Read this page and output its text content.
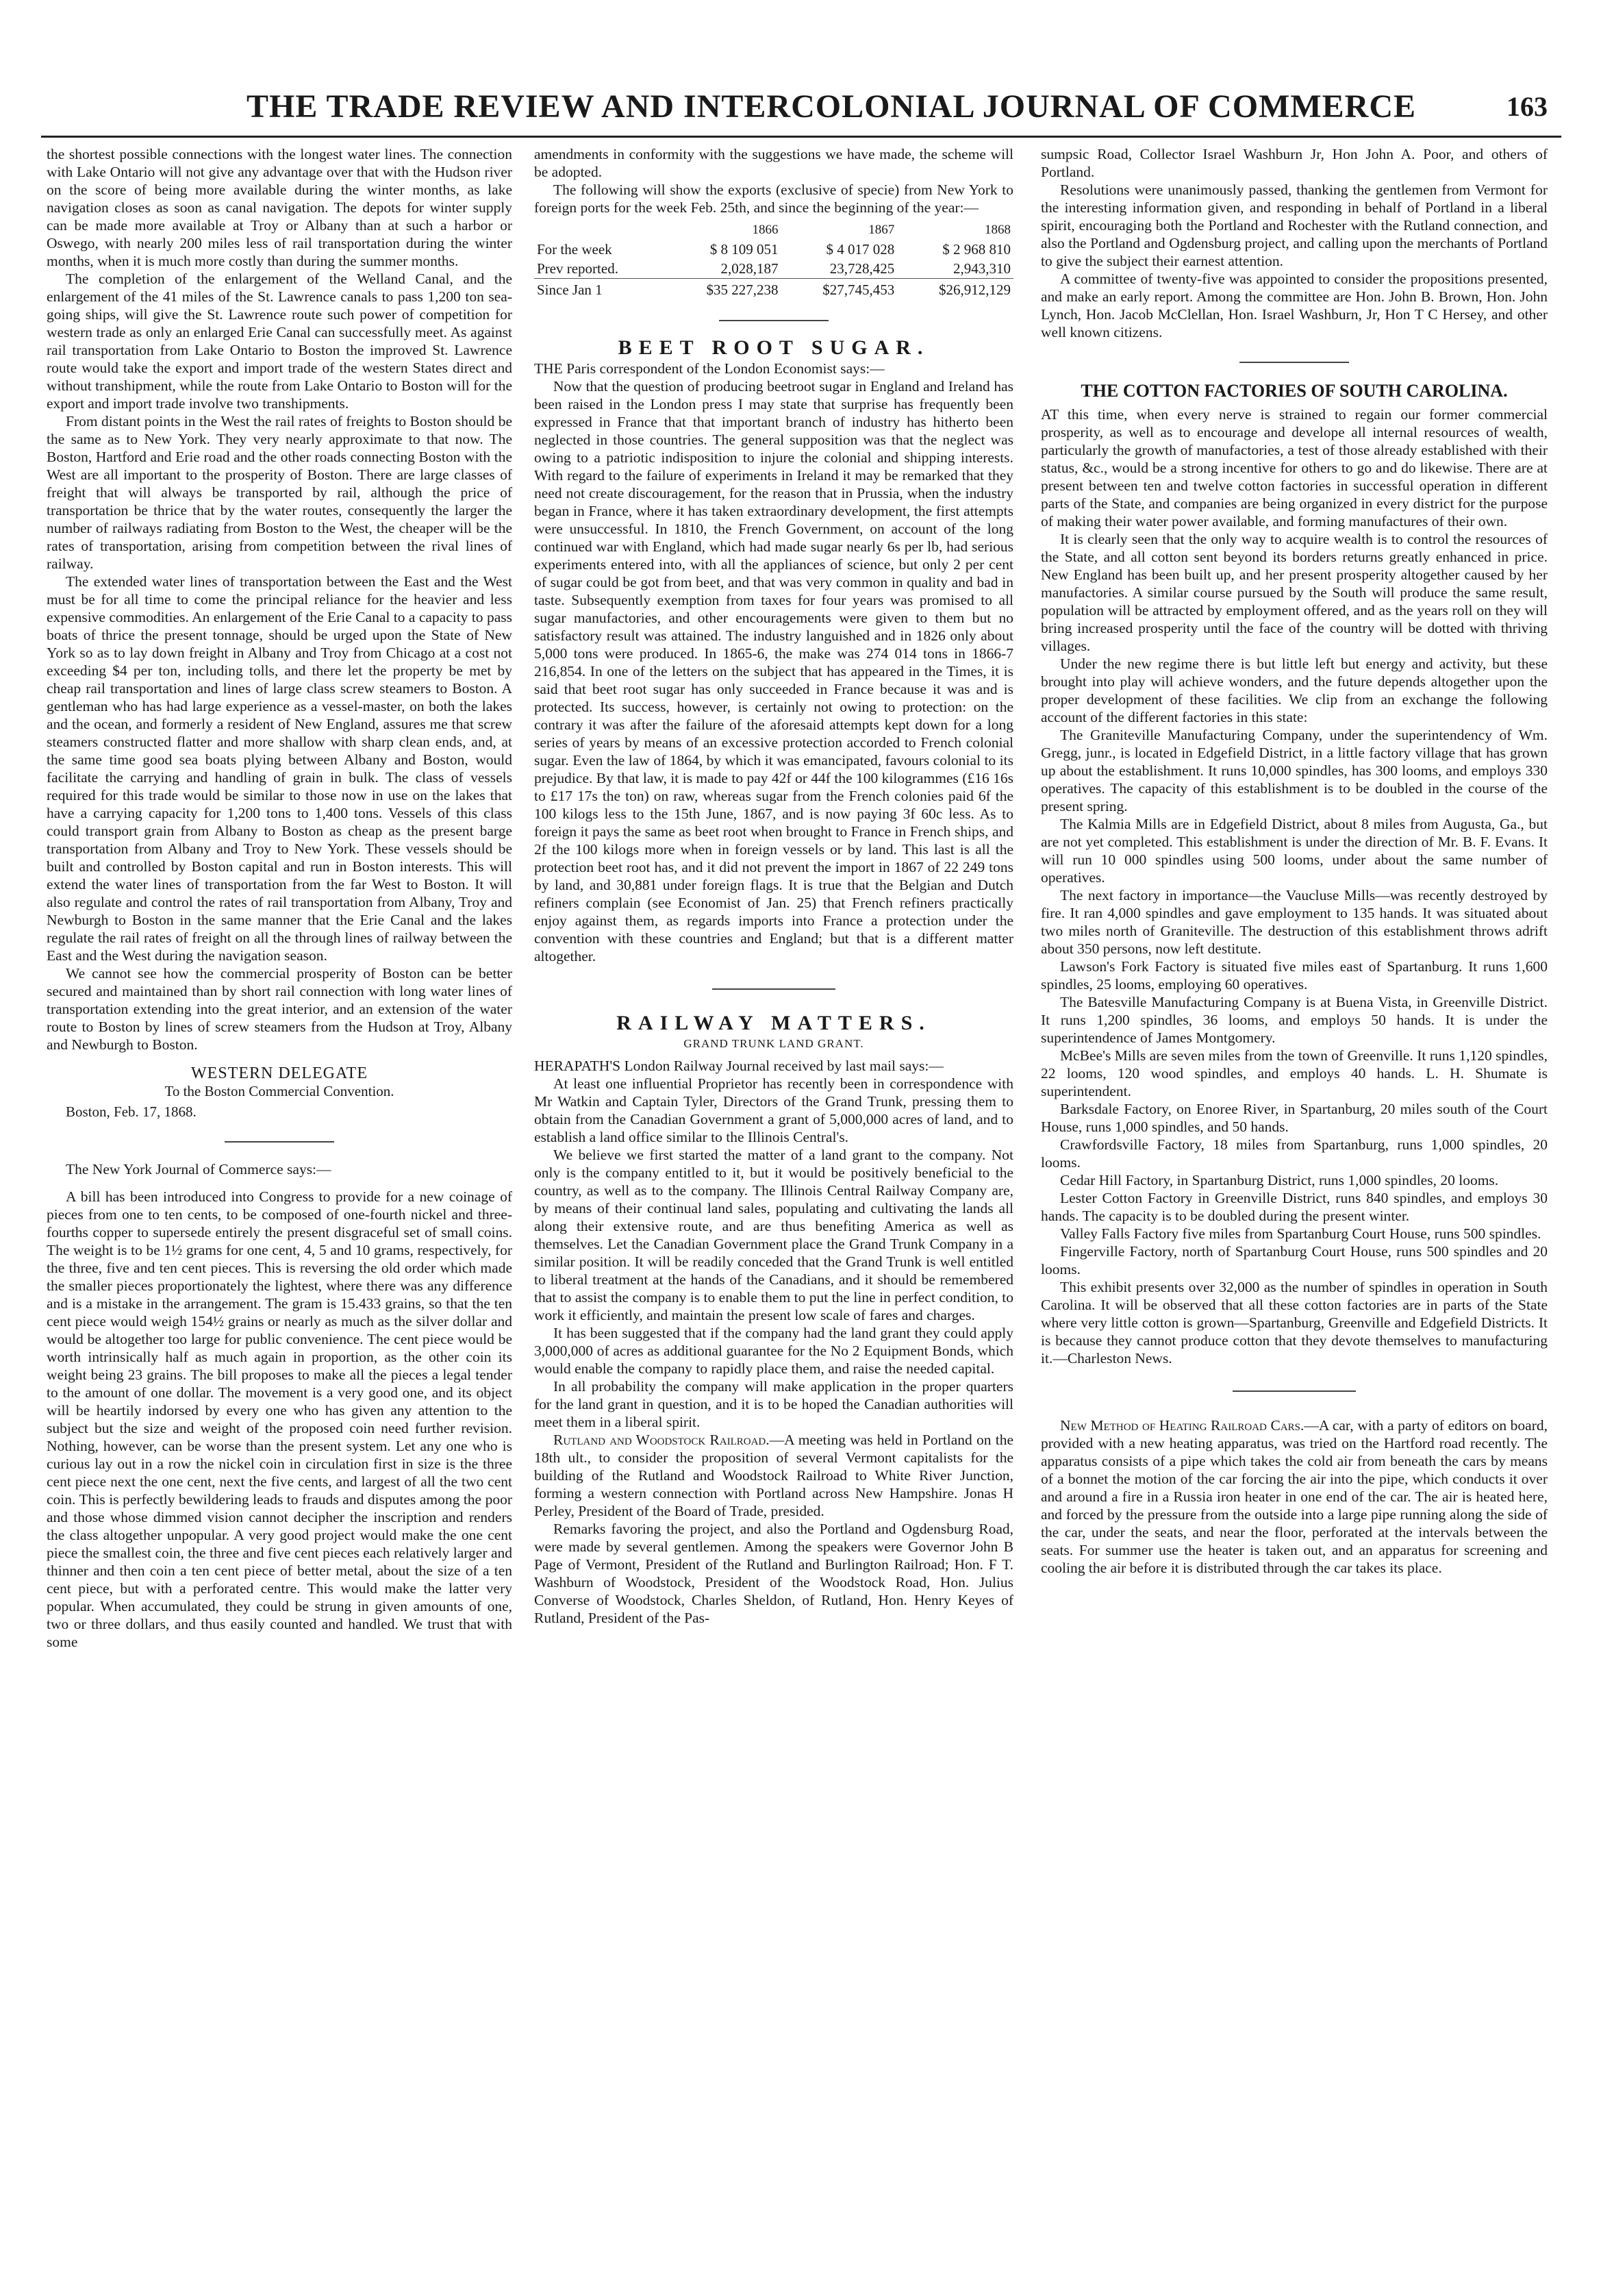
THE TRADE REVIEW AND INTERCOLONIAL JOURNAL OF COMMERCE	163

the shortest possible connections with the longest water lines. The connection with Lake Ontario will not give any advantage over that with the Hudson river on the score of being more available during the winter months, as lake navigation closes as soon as canal navigation. The depots for winter supply can be made more available at Troy or Albany than at such a harbor or Oswego, with nearly 200 miles less of rail transportation during the winter months, when it is much more costly than during the summer months.

The completion of the enlargement of the Welland Canal, and the enlargement of the 41 miles of the St. Lawrence canals to pass 1,200 ton sea-going ships, will give the St. Lawrence route such power of competition for western trade as only an enlarged Erie Canal can successfully meet. As against rail transportation from Lake Ontario to Boston the improved St. Lawrence route would take the export and import trade of the western States direct and without transhipment, while the route from Lake Ontario to Boston will for the export and import trade involve two transhipments.

From distant points in the West the rail rates of freights to Boston should be the same as to New York. They very nearly approximate to that now. The Boston, Hartford and Erie road and the other roads connecting Boston with the West are all important to the prosperity of Boston. There are large classes of freight that will always be transported by rail, although the price of transportation be thrice that by the water routes, consequently the larger the number of railways radiating from Boston to the West, the cheaper will be the rates of transportation, arising from competition between the rival lines of railway.

The extended water lines of transportation between the East and the West must be for all time to come the principal reliance for the heavier and less expensive commodities. An enlargement of the Erie Canal to a capacity to pass boats of thrice the present tonnage, should be urged upon the State of New York so as to lay down freight in Albany and Troy from Chicago at a cost not exceeding $4 per ton, including tolls, and there let the property be met by cheap rail transportation and lines of large class screw steamers to Boston. A gentleman who has had large experience as a vessel-master, on both the lakes and the ocean, and formerly a resident of New England, assures me that screw steamers constructed flatter and more shallow with sharp clean ends, and, at the same time good sea boats plying between Albany and Boston, would facilitate the carrying and handling of grain in bulk. The class of vessels required for this trade would be similar to those now in use on the lakes that have a carrying capacity for 1,200 tons to 1,400 tons. Vessels of this class could transport grain from Albany to Boston as cheap as the present barge transportation from Albany and Troy to New York. These vessels should be built and controlled by Boston capital and run in Boston interests. This will extend the water lines of transportation from the far West to Boston. It will also regulate and control the rates of rail transportation from Albany, Troy and Newburgh to Boston in the same manner that the Erie Canal and the lakes regulate the rail rates of freight on all the through lines of railway between the East and the West during the navigation season.

We cannot see how the commercial prosperity of Boston can be better secured and maintained than by short rail connection with long water lines of transportation extending into the great interior, and an extension of the water route to Boston by lines of screw steamers from the Hudson at Troy, Albany and Newburgh to Boston.

WESTERN DELEGATE
To the Boston Commercial Convention.
Boston, Feb. 17, 1868.

The New York Journal of Commerce says:—

A bill has been introduced into Congress to provide for a new coinage of pieces from one to ten cents, to be composed of one-fourth nickel and three-fourths copper to supersede entirely the present disgraceful set of small coins. The weight is to be 1½ grams for one cent, 4, 5 and 10 grams, respectively, for the three, five and ten cent pieces. This is reversing the old order which made the smaller pieces proportionately the lightest, where there was any difference and is a mistake in the arrangement. The gram is 15.433 grains, so that the ten cent piece would weigh 154½ grains or nearly as much as the silver dollar and would be altogether too large for public convenience. The cent piece would be worth intrinsically half as much again in proportion, as the other coin its weight being 23 grains. The bill proposes to make all the pieces a legal tender to the amount of one dollar. The movement is a very good one, and its object will be heartily indorsed by every one who has given any attention to the subject but the size and weight of the proposed coin need further revision. Nothing, however, can be worse than the present system. Let any one who is curious lay out in a row the nickel coin in circulation first in size is the three cent piece next the one cent, next the five cents, and largest of all the two cent coin. This is perfectly bewildering leads to frauds and disputes among the poor and those whose dimmed vision cannot decipher the inscription and renders the class altogether unpopular. A very good project would make the one cent piece the smallest coin, the three and five cent pieces each relatively larger and thinner and then coin a ten cent piece of better metal, about the size of a ten cent piece, but with a perforated centre. This would make the latter very popular. When accumulated, they could be strung in given amounts of one, two or three dollars, and thus easily counted and handled. We trust that with some

amendments in conformity with the suggestions we have made, the scheme will be adopted.

The following will show the exports (exclusive of specie) from New York to foreign ports for the week Feb. 25th, and since the beginning of the year:—

	1866	1867	1868
For the week	$ 8 109 051	$ 4 017 028	$ 2 968 810
Prev reported.	2,028,187	23,728,425	2,943,310
Since Jan 1	$35 227,238	$27,745,453	$26,912,129
BEET ROOT SUGAR.

THE Paris correspondent of the London Economist says:—

Now that the question of producing beetroot sugar in England and Ireland has been raised in the London press I may state that surprise has frequently been expressed in France that that important branch of industry has hitherto been neglected in those countries. The general supposition was that the neglect was owing to a patriotic indisposition to injure the colonial and shipping interests. With regard to the failure of experiments in Ireland it may be remarked that they need not create discouragement, for the reason that in Prussia, when the industry began in France, where it has taken extraordinary development, the first attempts were unsuccessful. In 1810, the French Government, on account of the long continued war with England, which had made sugar nearly 6s per lb, had serious experiments entered into, with all the appliances of science, but only 2 per cent of sugar could be got from beet, and that was very common in quality and bad in taste. Subsequently exemption from taxes for four years was promised to all sugar manufactories, and other encouragements were given to them but no satisfactory result was attained. The industry languished and in 1826 only about 5,000 tons were produced. In 1865-6, the make was 274 014 tons in 1866-7 216,854. In one of the letters on the subject that has appeared in the Times, it is said that beet root sugar has only succeeded in France because it was and is protected. Its success, however, is certainly not owing to protection: on the contrary it was after the failure of the aforesaid attempts kept down for a long series of years by means of an excessive protection accorded to French colonial sugar. Even the law of 1864, by which it was emancipated, favours colonial to its prejudice. By that law, it is made to pay 42f or 44f the 100 kilogrammes (£16 16s to £17 17s the ton) on raw, whereas sugar from the French colonies paid 6f the 100 kilogs less to the 15th June, 1867, and is now paying 3f 60c less. As to foreign it pays the same as beet root when brought to France in French ships, and 2f the 100 kilogs more when in foreign vessels or by land. This last is all the protection beet root has, and it did not prevent the import in 1867 of 22 249 tons by land, and 30,881 under foreign flags. It is true that the Belgian and Dutch refiners complain (see Economist of Jan. 25) that French refiners practically enjoy against them, as regards imports into France a protection under the convention with these countries and England; but that is a different matter altogether.

RAILWAY MATTERS.
GRAND TRUNK LAND GRANT.

HERAPATH'S London Railway Journal received by last mail says:—

At least one influential Proprietor has recently been in correspondence with Mr Watkin and Captain Tyler, Directors of the Grand Trunk, pressing them to obtain from the Canadian Government a grant of 5,000,000 acres of land, and to establish a land office similar to the Illinois Central's.

We believe we first started the matter of a land grant to the company. Not only is the company entitled to it, but it would be positively beneficial to the country, as well as to the company. The Illinois Central Railway Company are, by means of their continual land sales, populating and cultivating the lands all along their extensive route, and are thus benefiting America as well as themselves. Let the Canadian Government place the Grand Trunk Company in a similar position. It will be readily conceded that the Grand Trunk is well entitled to liberal treatment at the hands of the Canadians, and it should be remembered that to assist the company is to enable them to put the line in perfect condition, to work it efficiently, and maintain the present low scale of fares and charges.

It has been suggested that if the company had the land grant they could apply 3,000,000 of acres as additional guarantee for the No 2 Equipment Bonds, which would enable the company to rapidly place them, and raise the needed capital.

In all probability the company will make application in the proper quarters for the land grant in question, and it is to be hoped the Canadian authorities will meet them in a liberal spirit.

Rutland and Woodstock Railroad.—A meeting was held in Portland on the 18th ult., to consider the proposition of several Vermont capitalists for the building of the Rutland and Woodstock Railroad to White River Junction, forming a western connection with Portland across New Hampshire. Jonas H Perley, President of the Board of Trade, presided.

Remarks favoring the project, and also the Portland and Ogdensburg Road, were made by several gentlemen. Among the speakers were Governor John B Page of Vermont, President of the Rutland and Burlington Railroad; Hon. F T. Washburn of Woodstock, President of the Woodstock Road, Hon. Julius Converse of Woodstock, Charles Sheldon, of Rutland, Hon. Henry Keyes of Rutland, President of the Pas-

sumpsic Road, Collector Israel Washburn Jr, Hon John A. Poor, and others of Portland.

Resolutions were unanimously passed, thanking the gentlemen from Vermont for the interesting information given, and responding in behalf of Portland in a liberal spirit, encouraging both the Portland and Rochester with the Rutland connection, and also the Portland and Ogdensburg project, and calling upon the merchants of Portland to give the subject their earnest attention.

A committee of twenty-five was appointed to consider the propositions presented, and make an early report. Among the committee are Hon. John B. Brown, Hon. John Lynch, Hon. Jacob McClellan, Hon. Israel Washburn, Jr, Hon T C Hersey, and other well known citizens.

THE COTTON FACTORIES OF SOUTH CAROLINA.

AT this time, when every nerve is strained to regain our former commercial prosperity, as well as to encourage and develope all internal resources of wealth, particularly the growth of manufactories, a test of those already established with their status, &c., would be a strong incentive for others to go and do likewise. There are at present between ten and twelve cotton factories in successful operation in different parts of the State, and companies are being organized in every district for the purpose of making their water power available, and forming manufactures of their own.

It is clearly seen that the only way to acquire wealth is to control the resources of the State, and all cotton sent beyond its borders returns greatly enhanced in price. New England has been built up, and her present prosperity altogether caused by her manufactories. A similar course pursued by the South will produce the same result, population will be attracted by employment offered, and as the years roll on they will bring increased prosperity until the face of the country will be dotted with thriving villages.

Under the new regime there is but little left but energy and activity, but these brought into play will achieve wonders, and the future depends altogether upon the proper development of these facilities. We clip from an exchange the following account of the different factories in this state:

The Graniteville Manufacturing Company, under the superintendency of Wm. Gregg, junr., is located in Edgefield District, in a little factory village that has grown up about the establishment. It runs 10,000 spindles, has 300 looms, and employs 330 operatives. The capacity of this establishment is to be doubled in the course of the present spring.

The Kalmia Mills are in Edgefield District, about 8 miles from Augusta, Ga., but are not yet completed. This establishment is under the direction of Mr. B. F. Evans. It will run 10 000 spindles using 500 looms, under about the same number of operatives.

The next factory in importance—the Vaucluse Mills—was recently destroyed by fire. It ran 4,000 spindles and gave employment to 135 hands. It was situated about two miles north of Graniteville. The destruction of this establishment throws adrift about 350 persons, now left destitute.

Lawson's Fork Factory is situated five miles east of Spartanburg. It runs 1,600 spindles, 25 looms, employing 60 operatives.

The Batesville Manufacturing Company is at Buena Vista, in Greenville District. It runs 1,200 spindles, 36 looms, and employs 50 hands. It is under the superintendence of James Montgomery.

McBee's Mills are seven miles from the town of Greenville. It runs 1,120 spindles, 22 looms, 120 wood spindles, and employs 40 hands. L. H. Shumate is superintendent.

Barksdale Factory, on Enoree River, in Spartanburg, 20 miles south of the Court House, runs 1,000 spindles, and 50 hands.

Crawfordsville Factory, 18 miles from Spartanburg, runs 1,000 spindles, 20 looms.

Cedar Hill Factory, in Spartanburg District, runs 1,000 spindles, 20 looms.

Lester Cotton Factory in Greenville District, runs 840 spindles, and employs 30 hands. The capacity is to be doubled during the present winter.

Valley Falls Factory five miles from Spartanburg Court House, runs 500 spindles.

Fingerville Factory, north of Spartanburg Court House, runs 500 spindles and 20 looms.

This exhibit presents over 32,000 as the number of spindles in operation in South Carolina. It will be observed that all these cotton factories are in parts of the State where very little cotton is grown—Spartanburg, Greenville and Edgefield Districts. It is because they cannot produce cotton that they devote themselves to manufacturing it.—Charleston News.

New Method of Heating Railroad Cars.—A car, with a party of editors on board, provided with a new heating apparatus, was tried on the Hartford road recently. The apparatus consists of a pipe which takes the cold air from beneath the cars by means of a bonnet the motion of the car forcing the air into the pipe, which conducts it over and around a fire in a Russia iron heater in one end of the car. The air is heated here, and forced by the pressure from the outside into a large pipe running along the side of the car, under the seats, and near the floor, perforated at the intervals between the seats. For summer use the heater is taken out, and an apparatus for screening and cooling the air before it is distributed through the car takes its place.
